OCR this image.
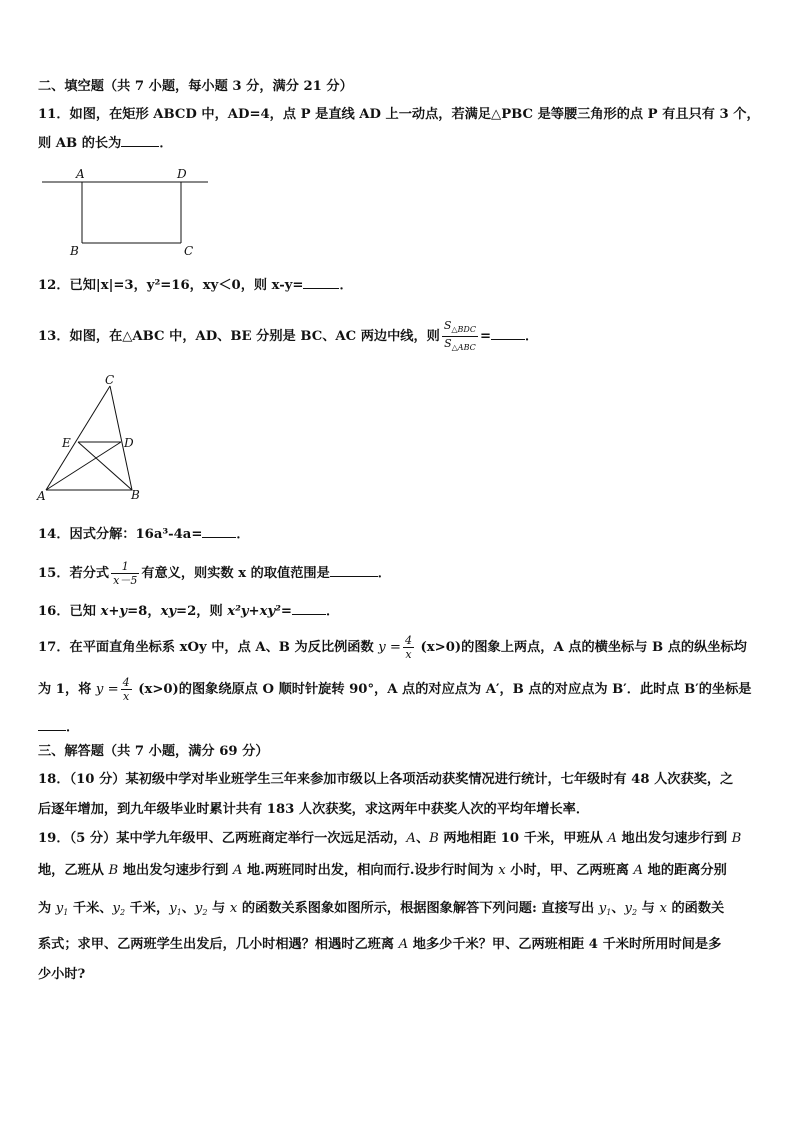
二、填空题（共 7 小题，每小题 3 分，满分 21 分）
11．如图，在矩形 ABCD 中，AD=4，点 P 是直线 AD 上一动点，若满足△PBC 是等腰三角形的点 P 有且只有 3 个，
则 AB 的长为	．
A	D
B	C
12．已知|x|=3，y²=16，xy＜0，则 x-y=	．
13．如图，在△ABC 中，AD、BE 分别是 BC、AC 两边中线，则 $\frac{S_{\triangle BDC}}{S_{\triangle ABC}}$ =	．
C
E	D
A	B
14．因式分解：16a³-4a=	．
15．若分式 $\frac{1}{x-5}$ 有意义，则实数 x 的取值范围是	．
16．已知 x+y=8，xy=2，则 x²y+xy²=	．
17．在平面直角坐标系 xOy 中，点 A、B 为反比例函数 $y = \frac{4}{x} (x>0)$的图象上两点，A 点的横坐标与 B 点的纵坐标均
为 1，将 $y = \frac{4}{x} (x>0)$的图象绕原点 O 顺时针旋转 90°，A 点的对应点为 A′，B 点的对应点为 B′．此时点 B′的坐标是
．
三、解答题（共 7 小题，满分 69 分）
18．（10 分）某初级中学对毕业班学生三年来参加市级以上各项活动获奖情况进行统计，七年级时有 48 人次获奖，之
后逐年增加，到九年级毕业时累计共有 183 人次获奖，求这两年中获奖人次的平均年增长率．
19．（5 分）某中学九年级甲、乙两班商定举行一次远足活动，A、B 两地相距 10 千米，甲班从 A 地出发匀速步行到 B
地，乙班从 B 地出发匀速步行到 A 地.两班同时出发，相向而行.设步行时间为 x 小时，甲、乙两班离 A 地的距离分别
为 $y_1$ 千米、$y_2$ 千米，$y_1$、$y_2$ 与 x 的函数关系图象如图所示，根据图象解答下列问题: 直接写出 $y_1$、$y_2$ 与 x 的函数关
系式；求甲、乙两班学生出发后，几小时相遇？相遇时乙班离 A 地多少千米？甲、乙两班相距 4 千米时所用时间是多
少小时?
